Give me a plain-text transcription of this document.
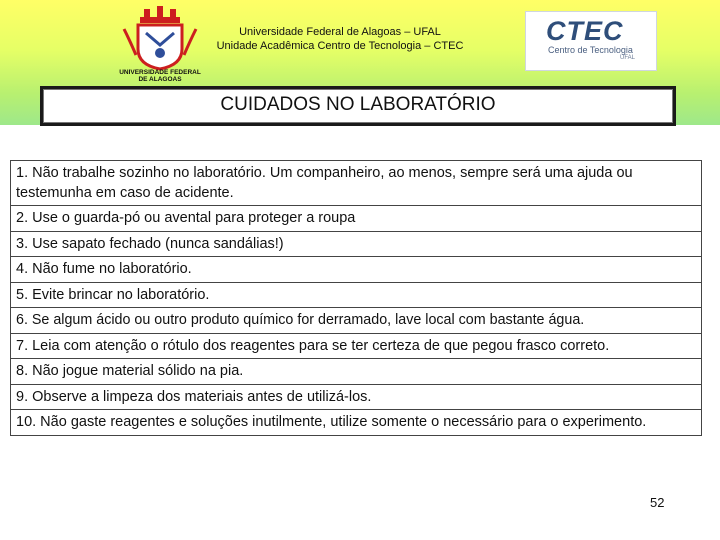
UNIVERSIDADE FEDERAL
DE ALAGOAS
Universidade Federal de Alagoas – UFAL
Unidade Acadêmica Centro de Tecnologia – CTEC	CTEC
Centro de Tecnologia
UFAL
CUIDADOS NO LABORATÓRIO
1. Não trabalhe sozinho no laboratório. Um companheiro, ao menos, sempre será uma ajuda ou testemunha em caso de acidente.
2. Use o guarda-pó ou avental para proteger a roupa
3. Use sapato fechado (nunca sandálias!)
4. Não fume no laboratório.
5. Evite brincar no laboratório.
6. Se algum ácido ou outro produto químico for derramado, lave local com bastante água.
7. Leia com atenção o rótulo dos reagentes para se ter certeza de que pegou frasco correto.
8. Não jogue material sólido na pia.
9. Observe a limpeza dos materiais antes de utilizá-los.
10. Não gaste reagentes e soluções inutilmente, utilize somente o necessário para o experimento.
52
